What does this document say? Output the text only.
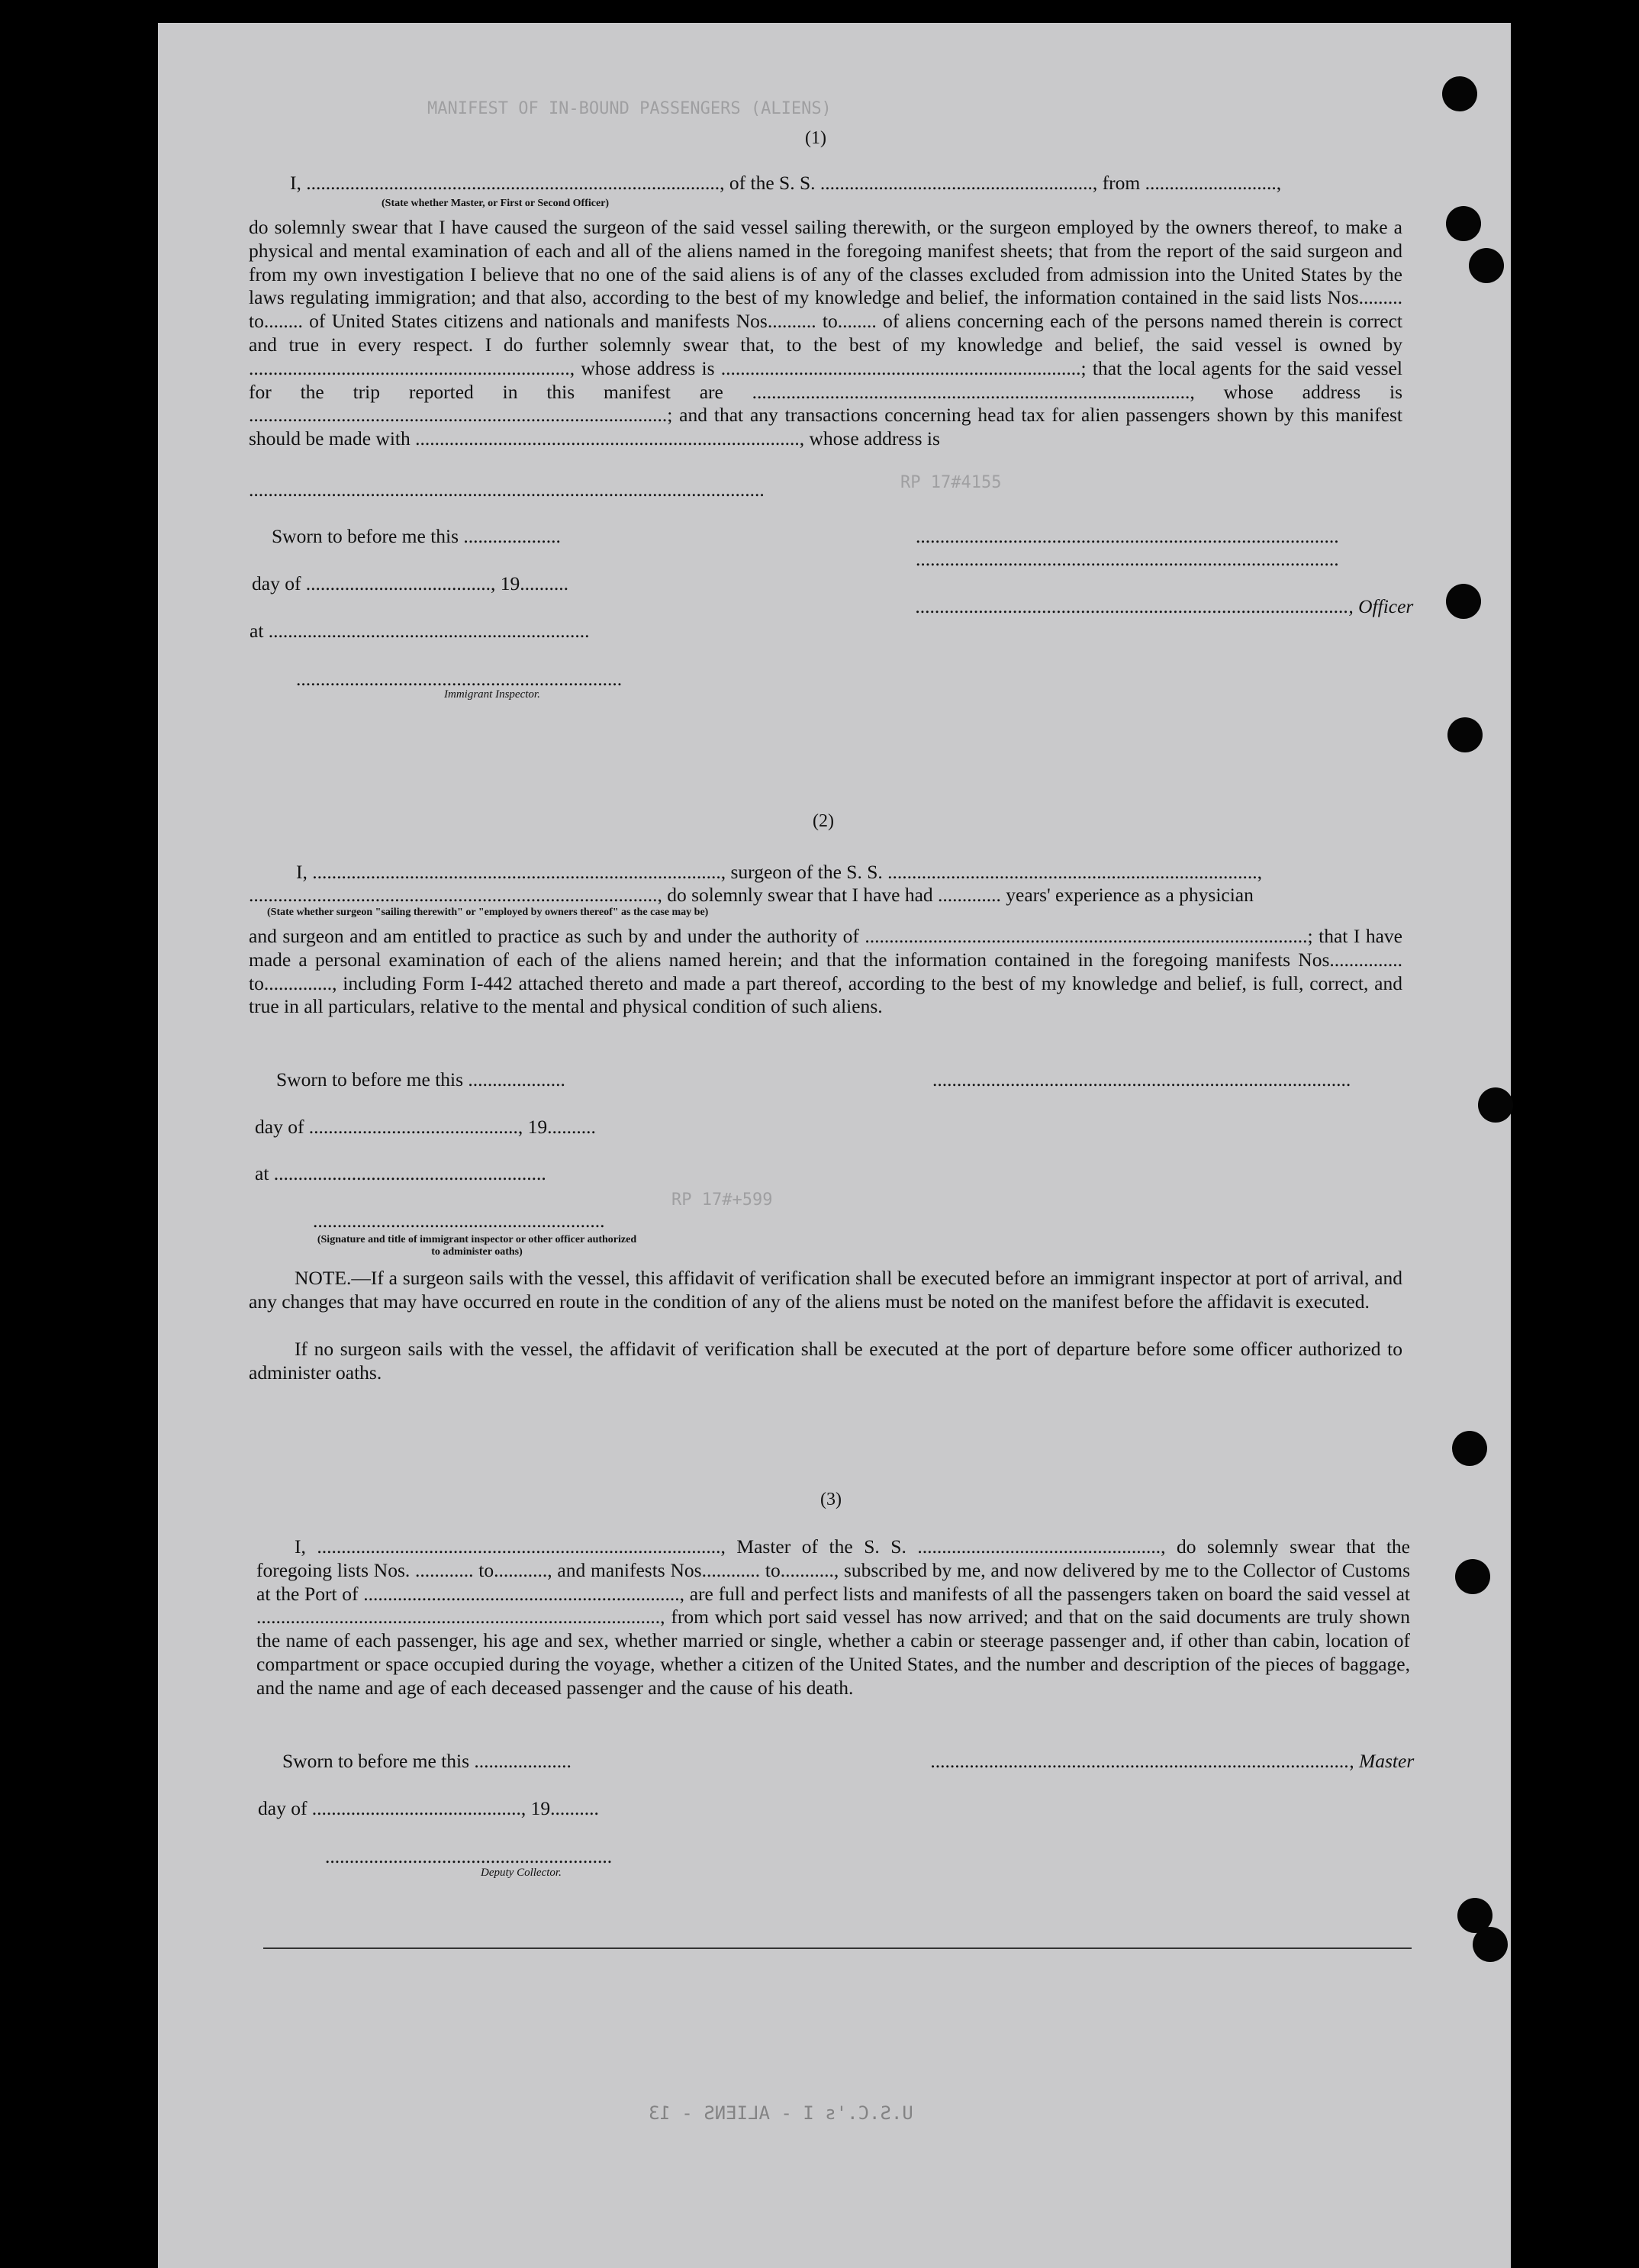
MANIFEST OF IN-BOUND PASSENGERS (ALIENS)
RP 17#4155
RP 17#+599
U.S.C.'s I - ALIENS - 13
(1)
I, ....................................................................................., of the S. S. ........................................................, from ...........................,
(State whether Master, or First or Second Officer)
do solemnly swear that I have caused the surgeon of the said vessel sailing therewith, or the surgeon employed by the owners thereof, to make a physical and mental examination of each and all of the aliens named in the foregoing manifest sheets; that from the report of the said surgeon and from my own investigation I believe that no one of the said aliens is of any of the classes excluded from admission into the United States by the laws regulating immigration; and that also, according to the best of my knowledge and belief, the information contained in the said lists Nos......... to........ of United States citizens and nationals and manifests Nos.......... to........ of aliens concerning each of the persons named therein is correct and true in every respect. I do further solemnly swear that, to the best of my knowledge and belief, the said vessel is owned by .................................................................., whose address is ..........................................................................; that the local agents for the said vessel for the trip reported in this manifest are .........................................................................................., whose address is ......................................................................................; and that any transactions concerning head tax for alien passengers shown by this manifest should be made with ..............................................................................., whose address is
..........................................................................................................
Sworn to before me this ....................	.......................................................................................
day of ......................................, 19..........
.......................................................................................
........................................................................................., Officer
at ..................................................................
...................................................................
Immigrant Inspector.
(2)
I, ...................................................................................., surgeon of the S. S. ............................................................................,
...................................................................................., do solemnly swear that I have had ............. years' experience as a physician
(State whether surgeon "sailing therewith" or "employed by owners thereof" as the case may be)
and surgeon and am entitled to practice as such by and under the authority of ...........................................................................................; that I have made a personal examination of each of the aliens named herein; and that the information contained in the foregoing manifests Nos............... to.............., including Form I-442 attached thereto and made a part thereof, according to the best of my knowledge and belief, is full, correct, and true in all particulars, relative to the mental and physical condition of such aliens.
Sworn to before me this ....................	......................................................................................
day of ..........................................., 19..........
at ........................................................
............................................................
(Signature and title of immigrant inspector or other officer authorized to administer oaths)
NOTE.—If a surgeon sails with the vessel, this affidavit of verification shall be executed before an immigrant inspector at port of arrival, and any changes that may have occurred en route in the condition of any of the aliens must be noted on the manifest before the affidavit is executed.
If no surgeon sails with the vessel, the affidavit of verification shall be executed at the port of departure before some officer authorized to administer oaths.
(3)
I, ..................................................................................., Master of the S. S. .................................................., do solemnly swear that the foregoing lists Nos. ............ to..........., and manifests Nos............ to..........., subscribed by me, and now delivered by me to the Collector of Customs at the Port of ................................................................., are full and perfect lists and manifests of all the passengers taken on board the said vessel at ..................................................................................., from which port said vessel has now arrived; and that on the said documents are truly shown the name of each passenger, his age and sex, whether married or single, whether a cabin or steerage passenger and, if other than cabin, location of compartment or space occupied during the voyage, whether a citizen of the United States, and the number and description of the pieces of baggage, and the name and age of each deceased passenger and the cause of his death.
Sworn to before me this ....................	......................................................................................, Master
day of ..........................................., 19..........
...........................................................
Deputy Collector.
